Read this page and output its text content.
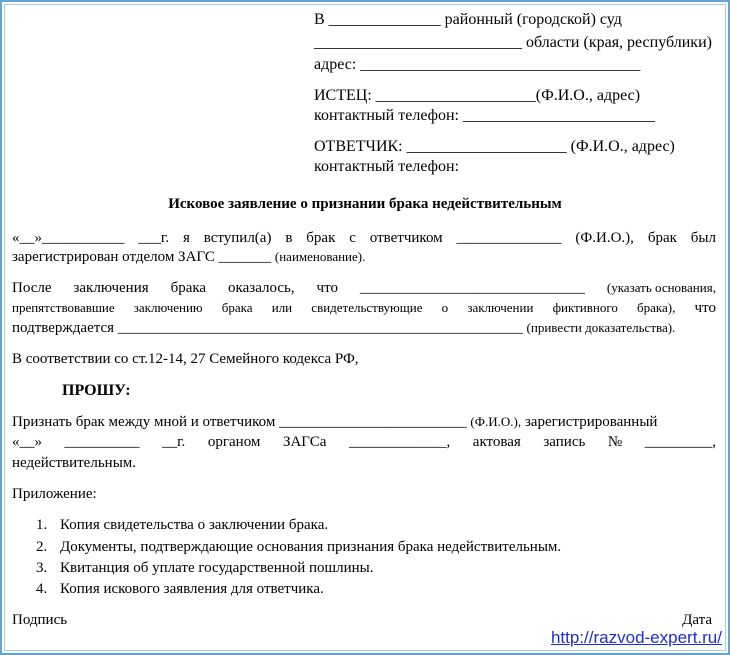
В ______________ районный (городской) суд
__________________________ области (края, республики)
адрес: ___________________________________
ИСТЕЦ: ____________________(Ф.И.О., адрес)
контактный телефон: ________________________
ОТВЕТЧИК: ____________________ (Ф.И.О., адрес)
контактный телефон:
Исковое заявление о признании брака недействительным
«__»___________ ___г. я вступил(а) в брак с ответчиком ______________ (Ф.И.О.), брак был
зарегистрирован отделом ЗАГС _______ (наименование).
После заключения брака оказалось, что ______________________________ (указать основания,
препятствовавшие заключению брака или свидетельствующие о заключении фиктивного брака), что
подтверждается ______________________________________________________ (привести доказательства).
В соответствии со ст.12-14, 27 Семейного кодекса РФ,
ПРОШУ:
Признать брак между мной и ответчиком _________________________ (Ф.И.О.), зарегистрированный
«__» __________ __г. органом ЗАГСа _____________, актовая запись № _________,
недействительным.
Приложение:
1. Копия свидетельства о заключении брака.
2. Документы, подтверждающие основания признания брака недействительным.
3. Квитанция об уплате государственной пошлины.
4. Копия искового заявления для ответчика.
Подпись	Дата
http://razvod-expert.ru/
